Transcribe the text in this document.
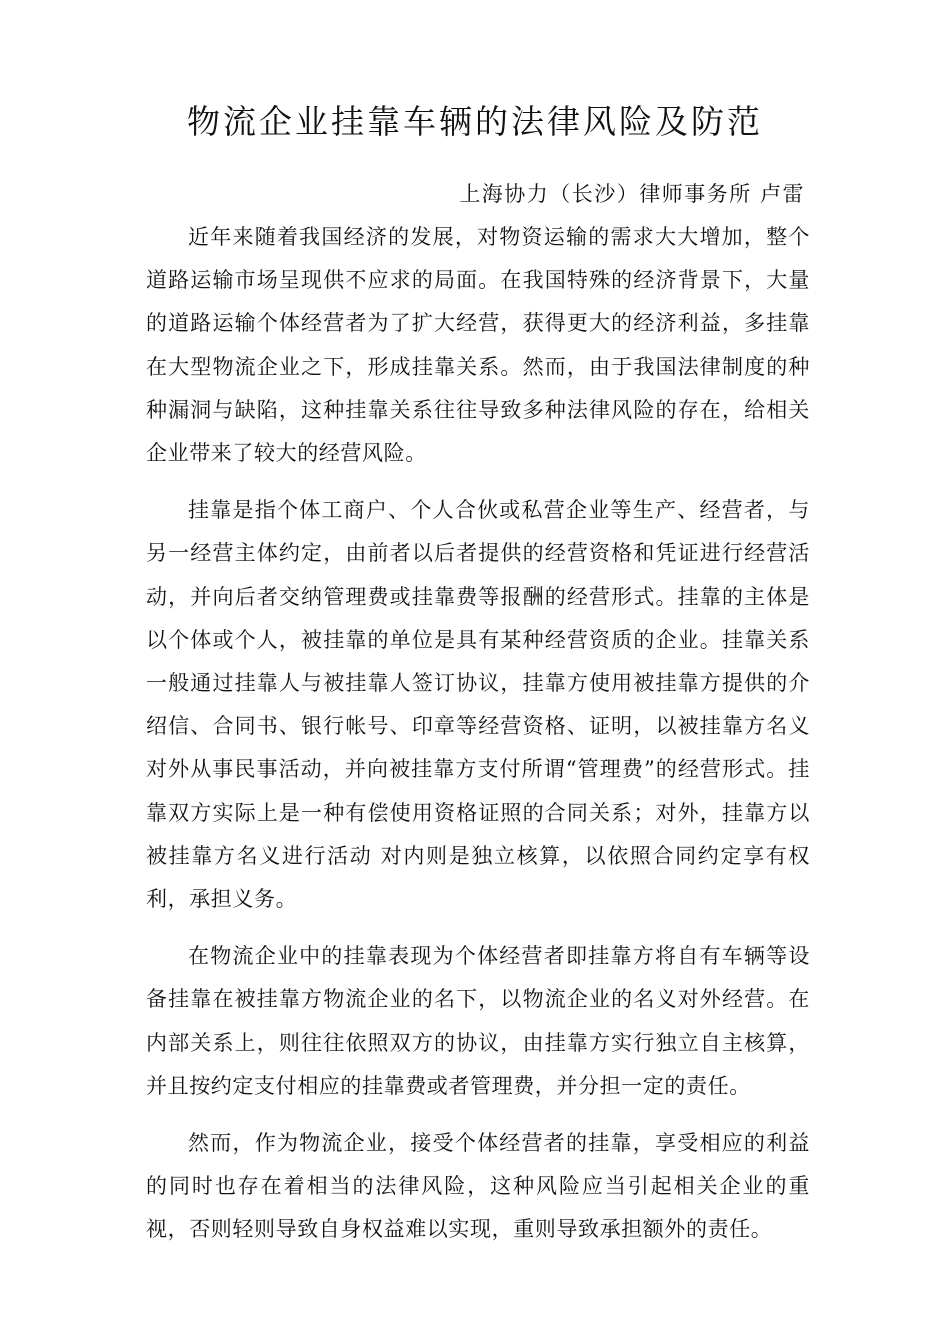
物流企业挂靠车辆的法律风险及防范

上海协力（长沙）律师事务所 卢雷

近年来随着我国经济的发展，对物资运输的需求大大增加，整个道路运输市场呈现供不应求的局面。在我国特殊的经济背景下，大量的道路运输个体经营者为了扩大经营，获得更大的经济利益，多挂靠在大型物流企业之下，形成挂靠关系。然而，由于我国法律制度的种种漏洞与缺陷，这种挂靠关系往往导致多种法律风险的存在，给相关企业带来了较大的经营风险。

挂靠是指个体工商户、个人合伙或私营企业等生产、经营者，与另一经营主体约定，由前者以后者提供的经营资格和凭证进行经营活动，并向后者交纳管理费或挂靠费等报酬的经营形式。挂靠的主体是以个体或个人，被挂靠的单位是具有某种经营资质的企业。挂靠关系一般通过挂靠人与被挂靠人签订协议，挂靠方使用被挂靠方提供的介绍信、合同书、银行帐号、印章等经营资格、证明，以被挂靠方名义对外从事民事活动，并向被挂靠方支付所谓“管理费”的经营形式。挂靠双方实际上是一种有偿使用资格证照的合同关系；对外，挂靠方以被挂靠方名义进行活动 对内则是独立核算，以依照合同约定享有权利，承担义务。

在物流企业中的挂靠表现为个体经营者即挂靠方将自有车辆等设备挂靠在被挂靠方物流企业的名下，以物流企业的名义对外经营。在内部关系上，则往往依照双方的协议，由挂靠方实行独立自主核算，并且按约定支付相应的挂靠费或者管理费，并分担一定的责任。

然而，作为物流企业，接受个体经营者的挂靠，享受相应的利益的同时也存在着相当的法律风险，这种风险应当引起相关企业的重视，否则轻则导致自身权益难以实现，重则导致承担额外的责任。
